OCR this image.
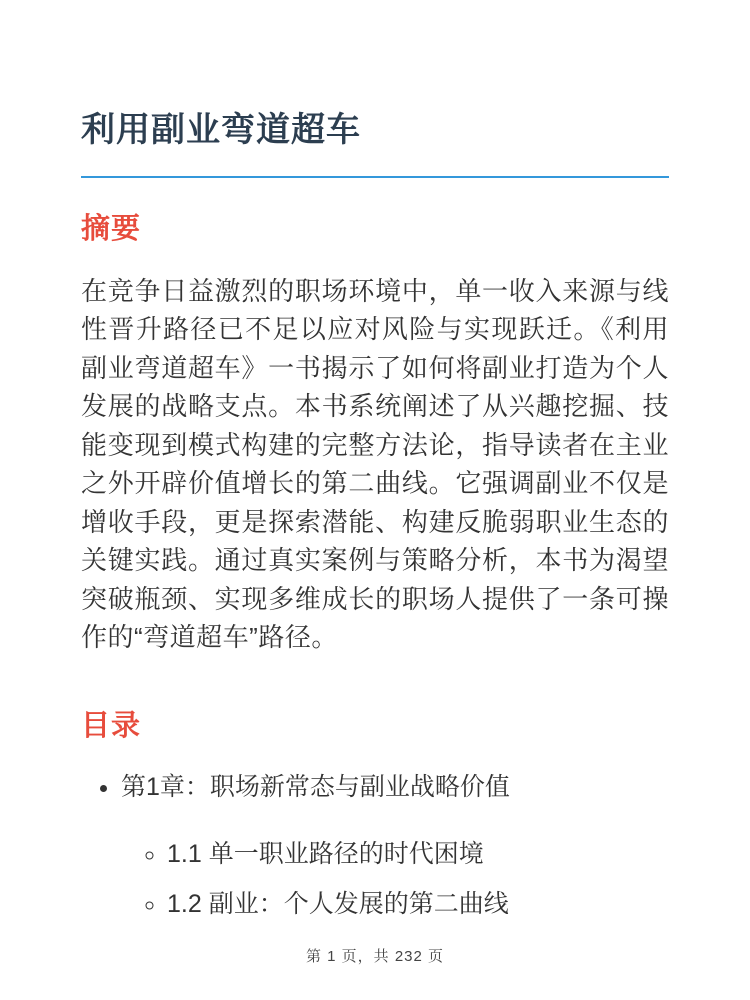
利用副业弯道超车
摘要

在竞争日益激烈的职场环境中，单一收入来源与线性晋升路径已不足以应对风险与实现跃迁。《利用副业弯道超车》一书揭示了如何将副业打造为个人发展的战略支点。本书系统阐述了从兴趣挖掘、技能变现到模式构建的完整方法论，指导读者在主业之外开辟价值增长的第二曲线。它强调副业不仅是增收手段，更是探索潜能、构建反脆弱职业生态的关键实践。通过真实案例与策略分析，本书为渴望突破瓶颈、实现多维成长的职场人提供了一条可操作的“弯道超车”路径。

目录
• 第1章：职场新常态与副业战略价值
◦ 1.1 单一职业路径的时代困境
◦ 1.2 副业：个人发展的第二曲线
第 1 页，共 232 页
